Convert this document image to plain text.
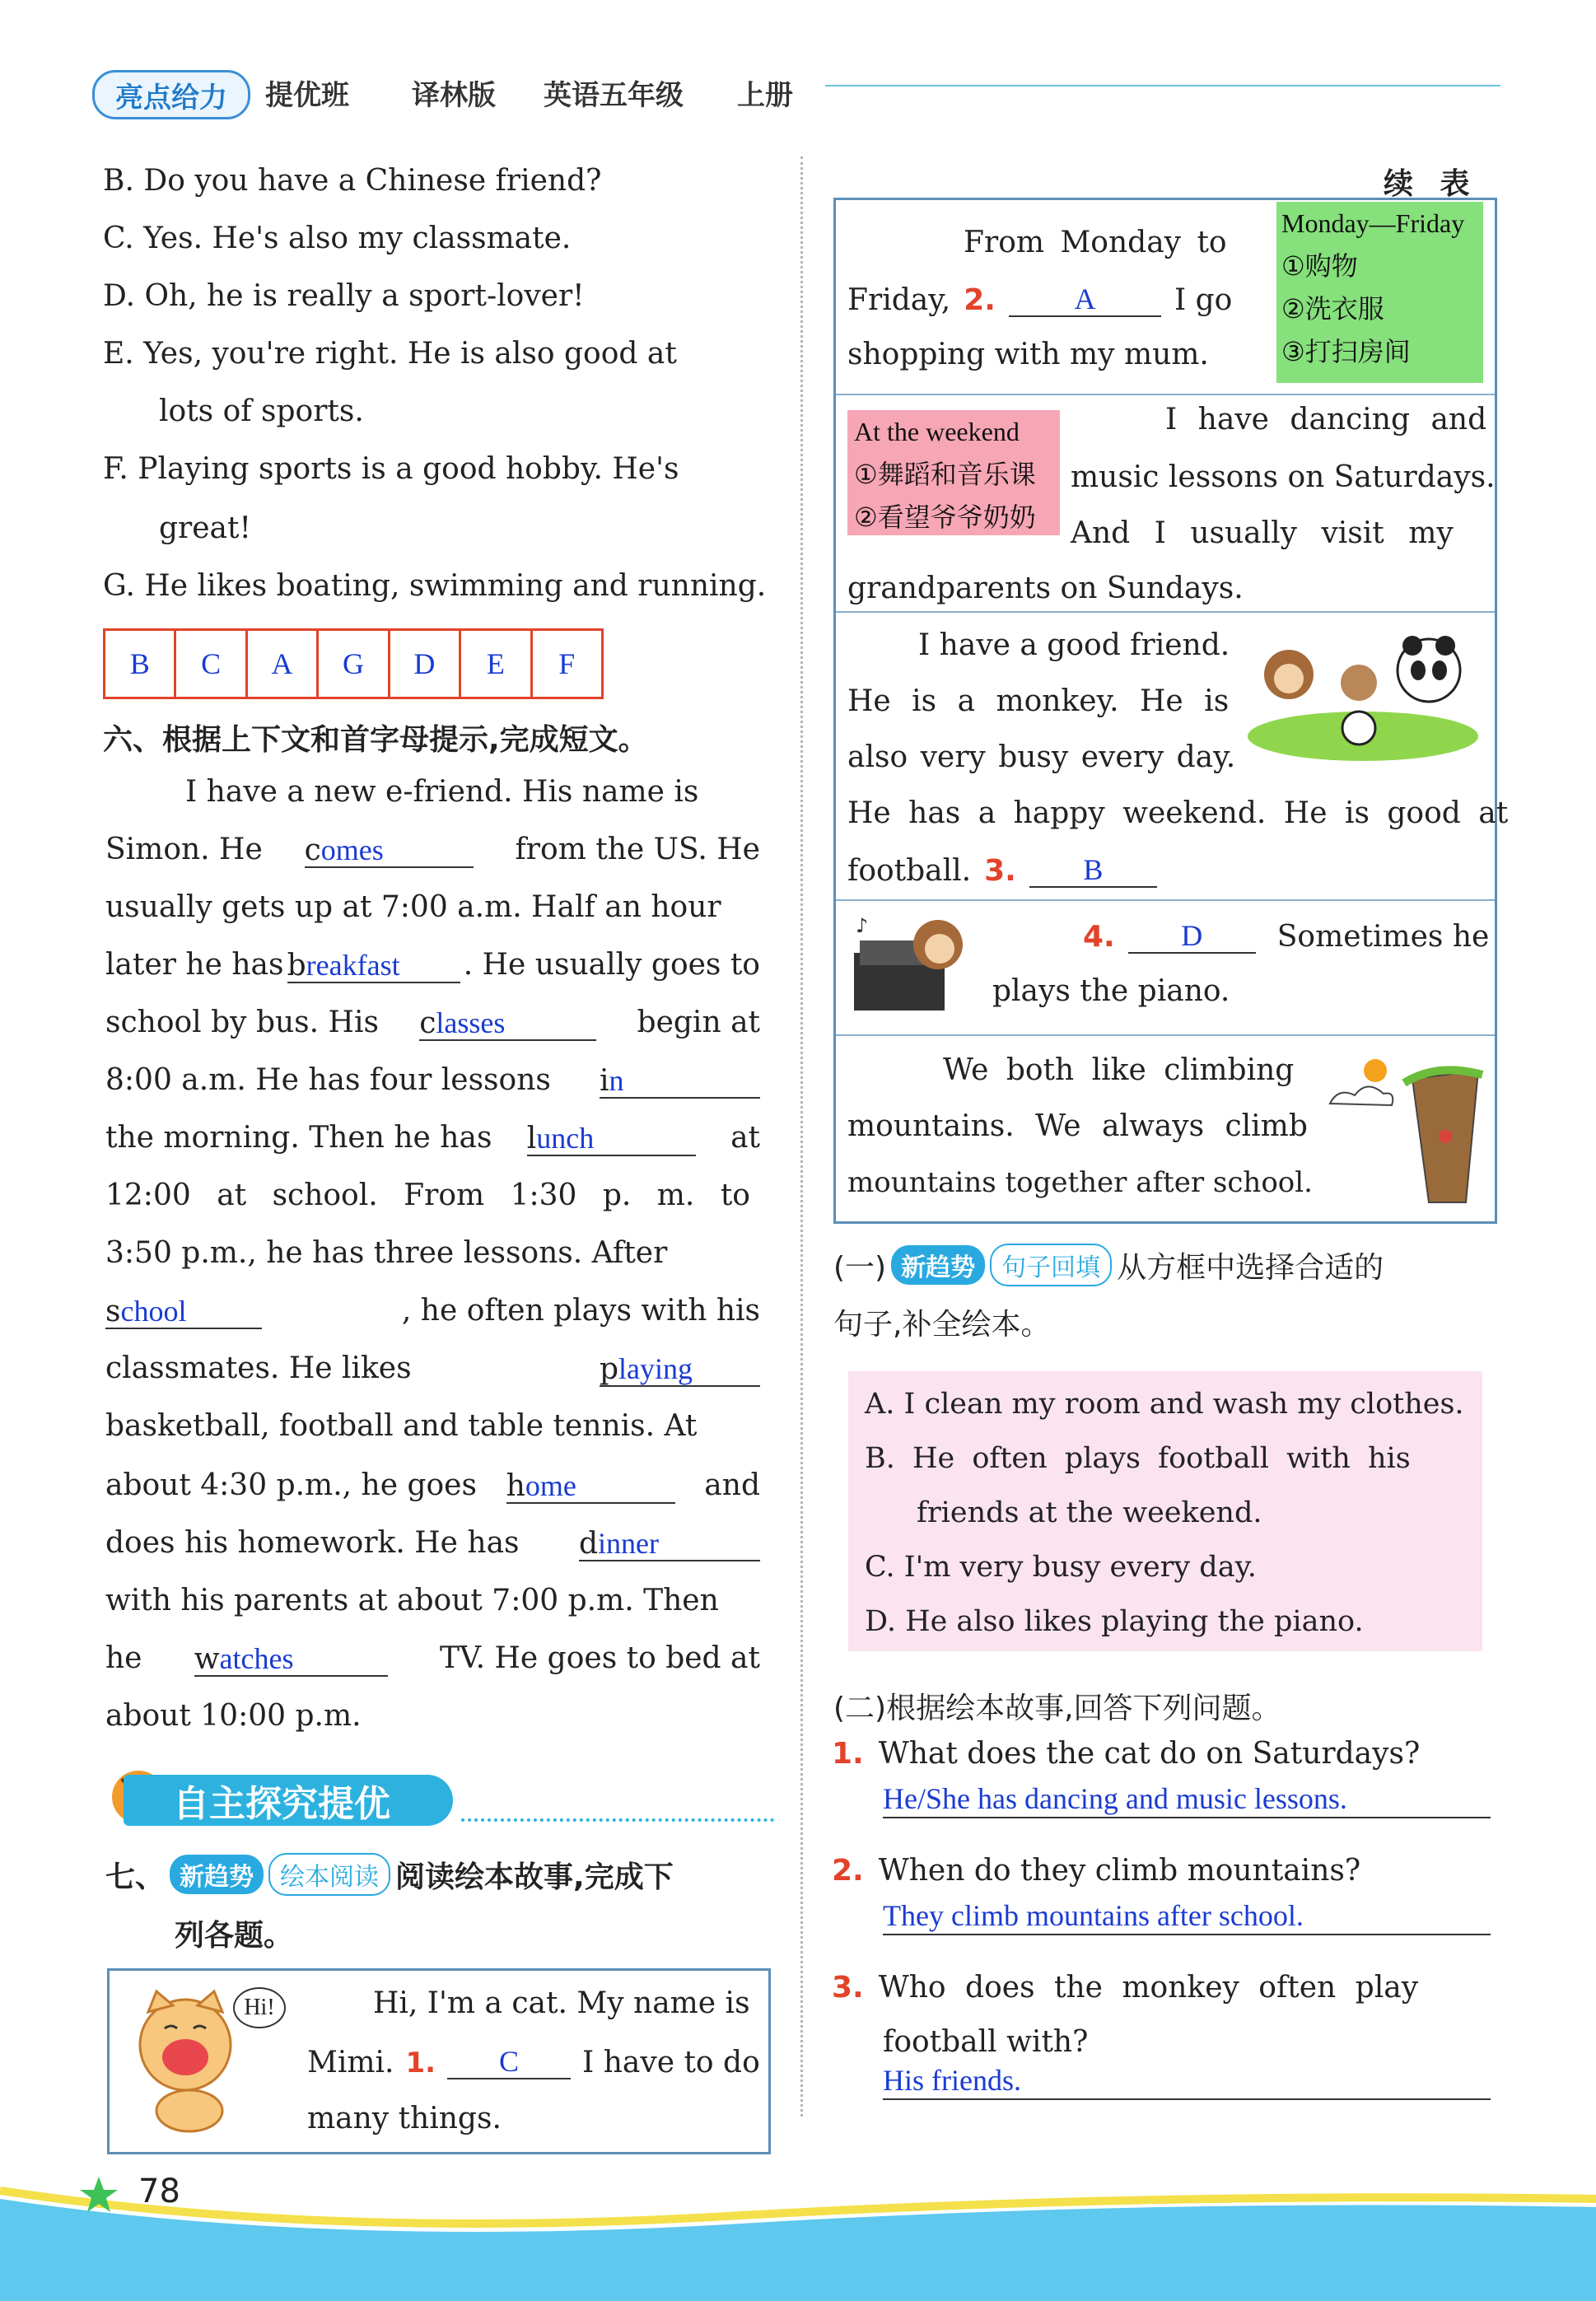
亮点给力	提优班 译林版 英语五年级 上册
B. Do you have a Chinese friend?
C. Yes. He's also my classmate.
D. Oh, he is really a sport-lover!
E. Yes, you're right. He is also good at
lots of sports.
F. Playing sports is a good hobby. He's
great!
G. He likes boating, swimming and running.
B	C	A	G	D	E	F
六、根据上下文和首字母提示,完成短文。
I have a new e-friend. His name is
Simon. He comes	from the US. He
usually gets up at 7:00 a.m. Half an hour
later he has breakfast	. He usually goes to
school by bus. His classes	begin at
8:00 a.m. He has four lessons in
the morning. Then he has lunch	at
12:00 at school. From 1:30 p. m. to
3:50 p.m., he has three lessons. After
school	, he often plays with his
classmates. He likes	playing
basketball, football and table tennis. At
about 4:30 p.m., he goes home	and
does his homework. He has dinner
with his parents at about 7:00 p.m. Then
he watches	TV. He goes to bed at
about 10:00 p.m.
自主探究提优
七、 新趋势	绘本阅读 阅读绘本故事,完成下
列各题。
Hi!	Hi, I'm a cat. My name is
Mimi. 1.	C	I have to do
many things.
续 表
Monday—Friday
①购物
②洗衣服
③打扫房间
From Monday to
Friday, 2.	A	I go
shopping with my mum.
At the weekend
①舞蹈和音乐课
②看望爷爷奶奶
I have dancing and
music lessons on Saturdays.
And I usually visit my
grandparents on Sundays.
I have a good friend.
He is a monkey. He is
also very busy every day.
He has a happy weekend. He is good at
football. 3.	B
♪	4.	D	Sometimes he
plays the piano.
We both like climbing
mountains. We always climb
mountains together after school.
(一) 新趋势	句子回填 从方框中选择合适的
句子,补全绘本。
A. I clean my room and wash my clothes.
B. He often plays football with his
friends at the weekend.
C. I'm very busy every day.
D. He also likes playing the piano.
(二)根据绘本故事,回答下列问题。
1. What does the cat do on Saturdays?
He/She has dancing and music lessons.
2. When do they climb mountains?
They climb mountains after school.
3. Who does the monkey often play
football with?
His friends.
78
